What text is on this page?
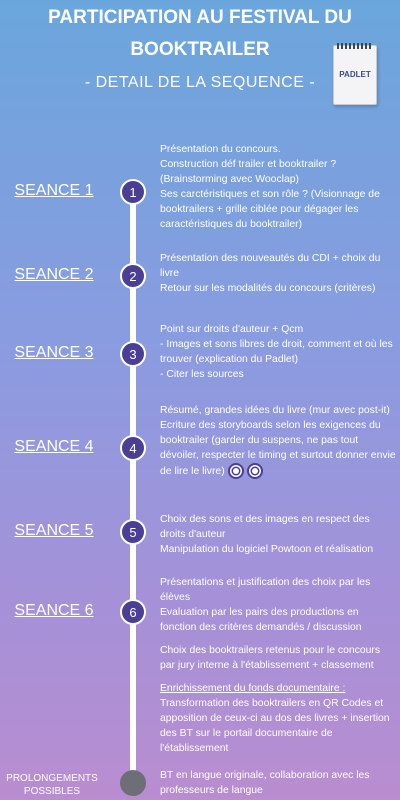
PARTICIPATION AU FESTIVAL DU
BOOKTRAILER
- DETAIL DE LA SEQUENCE -	PADLET
SEANCE 1	1

Présentation du concours.

Construction déf trailer et booktrailer ?

(Brainstorming avec Wooclap)

Ses carctéristiques et son rôle ? (Visionnage de booktrailers + grille ciblée pour dégager les caractéristiques du booktrailer)

SEANCE 2	2

Présentation des nouveautés du CDI + choix du livre

Retour sur les modalités du concours (critères)

SEANCE 3	3

Point sur droits d'auteur + Qcm

- Images et sons libres de droit, comment et où les trouver (explication du Padlet)

- Citer les sources

SEANCE 4	4

Résumé, grandes idées du livre (mur avec post-it)

Ecriture des storyboards selon les exigences du booktrailer (garder du suspens, ne pas tout dévoiler, respecter le timing et surtout donner envie de lire le livre)

SEANCE 5	5

Choix des sons et des images en respect des droits d'auteur

Manipulation du logiciel Powtoon et réalisation

SEANCE 6	6

Présentations et justification des choix par les élèves

Evaluation par les pairs des productions en fonction des critères demandés / discussion

Choix des booktrailers retenus pour le concours par jury interne à l'établissement + classement

Enrichissement du fonds documentaire :

Transformation des booktrailers en QR Codes et apposition de ceux-ci au dos des livres + insertion des BT sur le portail documentaire de l'établissement

PROLONGEMENTS
POSSIBLES
BT en langue originale, collaboration avec les professeurs de langue
